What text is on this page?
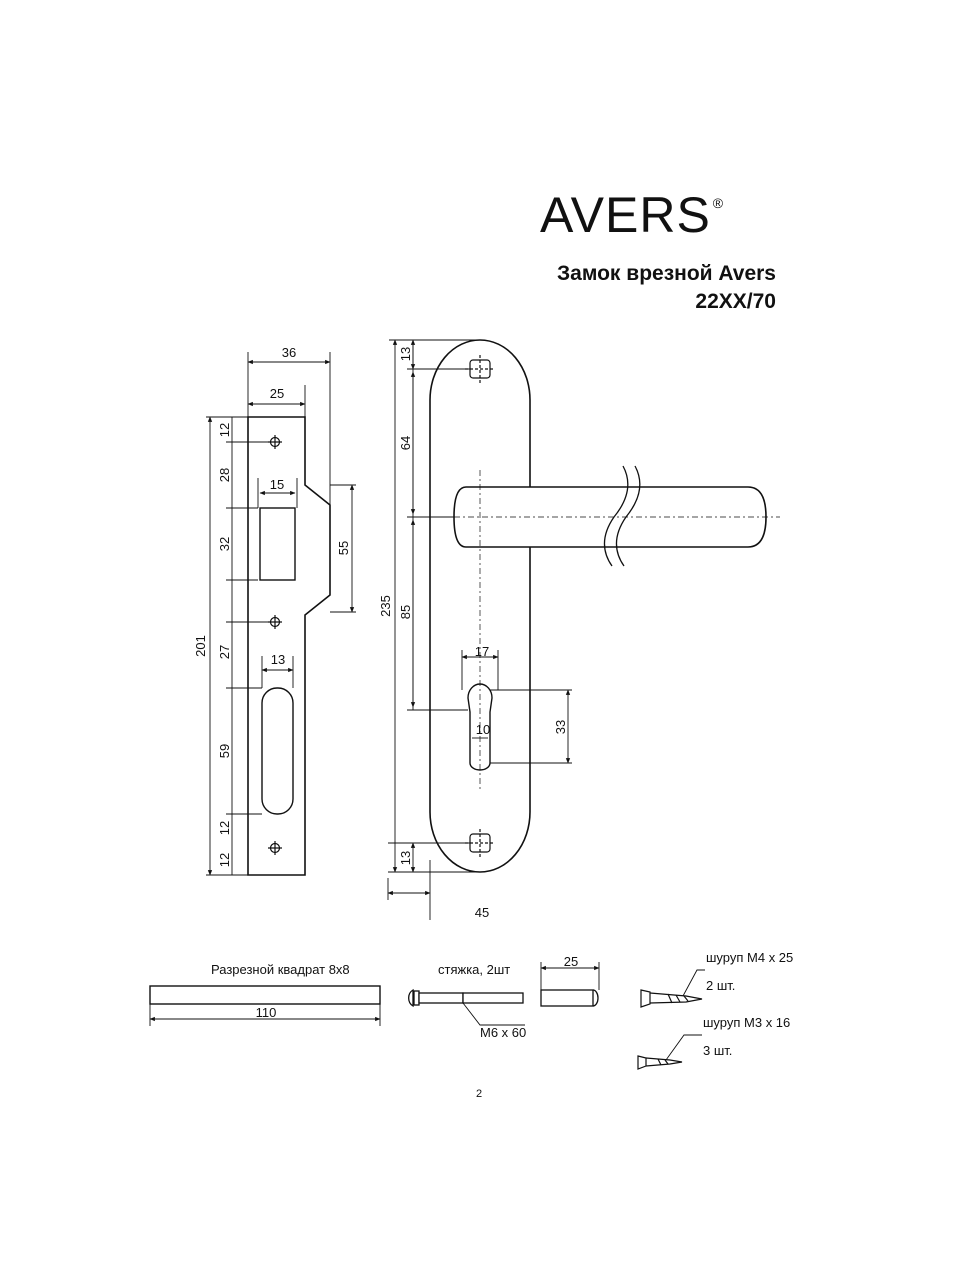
AVERS ®
Замок врезной Avers
22XX/70
36
25
15
13
201
12
28
32
27
59
12
12
55
235
13
64
85
13
17
10	33
45
Разрезной квадрат 8x8
110
стяжка, 2шт
М6 х 60
25	шуруп М4 х 25
2 шт.
шуруп М3 х 16
3 шт.
2
